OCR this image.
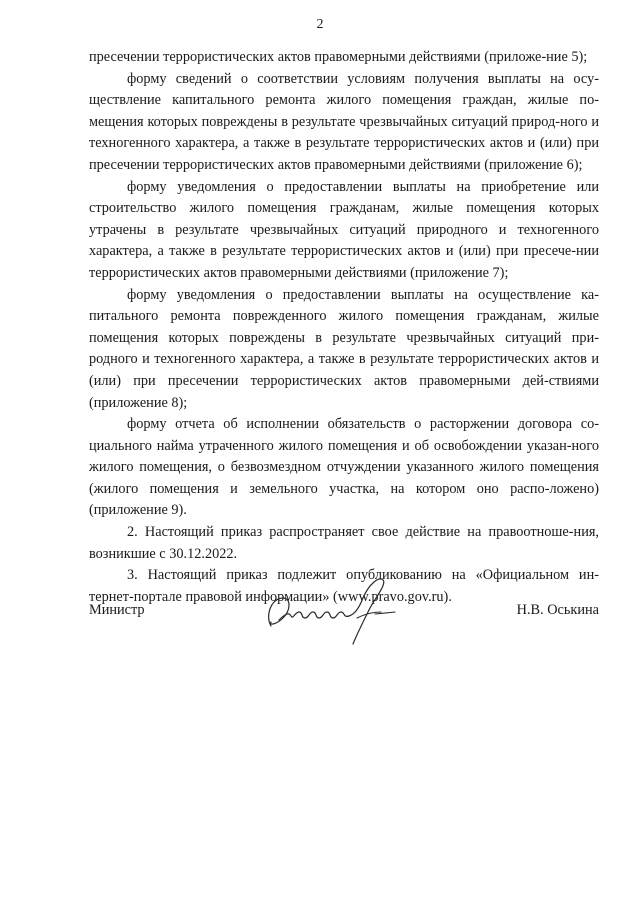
2

пресечении террористических актов правомерными действиями (приложе-ние 5);

форму сведений о соответствии условиям получения выплаты на осу-ществление капитального ремонта жилого помещения граждан, жилые по-мещения которых повреждены в результате чрезвычайных ситуаций природ-ного и техногенного характера, а также в результате террористических актов и (или) при пресечении террористических актов правомерными действиями (приложение 6);

форму уведомления о предоставлении выплаты на приобретение или строительство жилого помещения гражданам, жилые помещения которых утрачены в результате чрезвычайных ситуаций природного и техногенного характера, а также в результате террористических актов и (или) при пресече-нии террористических актов правомерными действиями (приложение 7);

форму уведомления о предоставлении выплаты на осуществление ка-питального ремонта поврежденного жилого помещения гражданам, жилые помещения которых повреждены в результате чрезвычайных ситуаций при-родного и техногенного характера, а также в результате террористических актов и (или) при пресечении террористических актов правомерными дей-ствиями (приложение 8);

форму отчета об исполнении обязательств о расторжении договора со-циального найма утраченного жилого помещения и об освобождении указан-ного жилого помещения, о безвозмездном отчуждении указанного жилого помещения (жилого помещения и земельного участка, на котором оно распо-ложено) (приложение 9).

2. Настоящий приказ распространяет свое действие на правоотноше-ния, возникшие с 30.12.2022.

3. Настоящий приказ подлежит опубликованию на «Официальном ин-тернет-портале правовой информации» (www.pravo.gov.ru).

Министр	Н.В. Оськина
